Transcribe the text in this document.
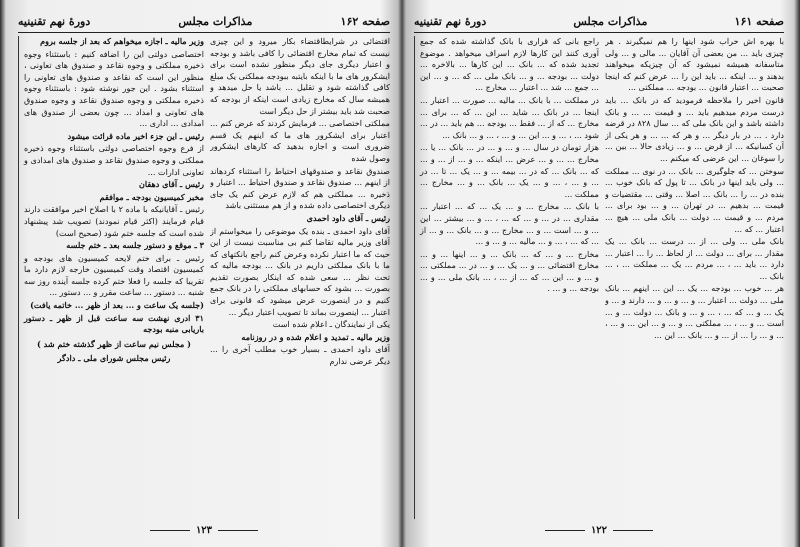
صفحه ۱۶۲
مذاکرات مجلس
دورهٔ نهم تقنینیه

اقتضائی در شرایطاقتضاء بکار میرود و این چیزی نیست که تمام مخارج اقتضائی را کافی باشد و بودجه و اعتبار دیگری جای دیگر منظور نشده است برای ایشکرور های ما با اینکه بایتبه ببودجه مملکتی یک مبلغ کافی گذاشته شود و تقلیل ... باشد یا حل میدهد و همیشه سال که مخارج زیادی است اینکه از بودجه که صحبت شد باید بیشتر از حل دیگر است

مملکتی اختصاصی ... فرمایش کردند که عرض کنم ... اعتبار برای ایشکرور های ما که اینهم یک قسم ضروری است و اجازه بدهید که کارهای ایشکرور وصول شده

صندوق نقاعد و صندوقهای احتیاط را استثناء کردهاند از اینهم ... صندوق نقاعد و صندوق احتیاط ... اعتبار و ذخیره ... مملکتی هم که لازم عرض کنم یک جای دیگری اختصاصی داده شده و از هم مستثنی باشد

رئیس ـ آقای داود احمدی

آقای داود احمدی ـ بنده یک موضوعی را میخواستم از آقای وزیر مالیه تقاضا کنم بی مناسبت نیست از این حیث که ما اعتبار نکرده وعرض کنم راجع بانکتهای که ما با بانک مملکتی داریم در بانک ... بودجه مالیه که تحت نظر ... سعی شده که اینکار بصورت تقدیم بصورت ... بشود که حسابهای مملکتی را در بانک جمع کنیم و در اینصورت عرض میشود که قانونی برای اعتبار ... اینصورت بماند تا تصویب اعتبار دیگر ...

یکی از نمایندگان ـ اعلام شده است

وزیر مالیه ـ تمدید و اعلام شده و در روزنامه

آقای داود احمدی ـ بسیار خوب مطلب آخری را ... دیگر عرضی ندارم

وزیر مالیه ـ اجازه میخواهم که بعد از جلسه بروم

اختصاصی دولتی این را اضافه کنیم : باستثناء وجوه ذخیره مملکتی و وجوه نقاعد و صندوق های تعاونی ، منظور این است که نقاعد و صندوق های تعاونی را استثناء بشود . این جور نوشته شود : باستثناء وجوه ذخیره مملکتی و وجوه صندوق نقاعد و وجوه صندوق های تعاونی و امداد ... چون بعضی از صندوق های امدادی ... اداری ...

رئیس ـ این جزء اخیر ماده قرائت میشود

از فرع وجوه اختصاصی دولتی باستثناء وجوه ذخیره مملکتی و وجوه صندوق نقاعد و صندوق های امدادی و تعاونی ادارات ...

رئیس ـ آقای دهقان

مخبر کمیسیون بودجه ـ موافقم

رئیس ـ آقایانیکه با ماده ۲ با اصلاح اخیر موافقت دارند قیام فرمایند (اکثر قیام نمودند) تصویب شد پیشنهاد شده است که جلسه ختم شود (صحیح است)

۳ ـ موقع و دستور جلسه بعد ـ ختم جلسه

رئیس ـ برای ختم لایحه کمیسیون های بودجه و کمیسیون اقتصاد وقت کمیسیون خارجه لازم دارد ما تقریبا که جلسه را فعلا ختم کرده جلسه آینده روز سه شنبه ... دستور ... ساعت مقرر و ... دستور ...

(جلسه یک ساعت و ... بعد از ظهر ... خاتمه یافت)

۳۱ ادری نهشت سه ساعت قبل از ظهر ـ دستور باریابی منبه بودجه

( مجلس نیم ساعت از ظهر گذشته ختم شد )

رئیس مجلس شورای ملی ـ دادگر

۱۲۳
صفحه ۱۶۱
مذاکرات مجلس
دورهٔ نهم تقنینیه

با بهره اش خراب شود اینها را هم نمیگیرند . هر چیزی باید ... من بعضی آن آقایان ... مالی و ... ولی متاسفانه همیشه نمیشود که آن چیزیکه میخواهند بدهند و ... اینکه ... باید این را ... عرض کنم که اینجا صحبت ... اعتبار قانون ... بودجه ... مملکتی ...

قانون اخیر را ملاحظه فرمودید که در بانک ... باید درست مردم میدهیم باید ... و قیمت ... ... و بانک داشته باشد و این بانک ملی که ... سال ۸۲۸ در قرضه دارد . ... در بار دیگر ... و هر که ... ... و هر یکی از آن کسانیکه ... از قرض ... و ... زیادی حالا ... بین ... را سوغان ... این عرضی که میکنم ...

سوختن ... که جلوگیری ... بانک ... در نوی ... مملکت ... ولی باید اینها در بانک ... تا پول که بانک خوب ... بنده در ... را ... بانک ... اصلا ... وقتی ... مقتضیات و قیمت ... بدهیم ... در تهران ... و ... بود برای ... مردم ... و قیمت ... دولت ... بانک ملی ... هیچ ... اعتبار ... که ...

بانک ملی ... ولی ... از ... درست ... بانک ... یک مقدار ... برای ... دولت ... از لحاظ ... را ... اعتبار ... دارد ... باید ... ، ... مردم ... یک ... مملکت ... ، ... بانک ...

هر ... خوب ... بودجه ... یک ... این ... اینهم ... بانک ملی ... دولت ... اعتبار ... و ... و ... و ... دارند و ... و یک ... و ... که ... ، ... و ... و بانک ... دولت ... و ... است ... و ... ، ... مملکتی ... و ... و ... این ... و ... ، ... و ... را ... از ... و ... بانک ... این ...

راجع بانی که قراری با بانک گذاشته شده که جمع آوری کنند این کارها لازم اسراف میخواهد . موضوع تجدید شده که ... بانک ... این کارها ... بالاخره ... دولت ... بودجه ... و ... بانک ملی ... که ... و ... این ... جمع ... شد ... اعتبار ... مخارج ...

در مملکت ... با بانک ... مالیه ... صورت ... اعتبار ... اینجا ... در بانک ... شاید ... این ... که ... برای ... مخارج ... که از ... فقط ... بودجه ... هم باید ... در ... شود ... ، ... و ... این ... و ... ، ... و ... بانک ...

هزار تومان در سال ... و ... و ... در ... بانک ... یا ... مخارج ... ... و ... عرض ... اینکه ... و ... از ... و ... که ... بانک ... که در ... بیمه ... و ... یک ... تا ... در ... و ... ، ... و ... یک ... بانک ... و ... مخارج ... مملکت ...

با بانک ... مخارج ... و ... یک ... که ... اعتبار ... مقداری ... در ... و ... که ... ، ... و ... بیشتر ... این ... و ... است ... و ... مخارج ... و ... بانک ... و ... از ... که ... ، ... و ... مالیه ... و ... و ...

مخارج ... و ... که ... بانک ... و ... اینها ... و ... مخارج اقتضائی ... و ... یک ... و ... در ... مملکتی ... و ... و ... این ... که ... از ... ، ... بانک ملی ... و ... بودجه ... و ... .

۱۲۲
